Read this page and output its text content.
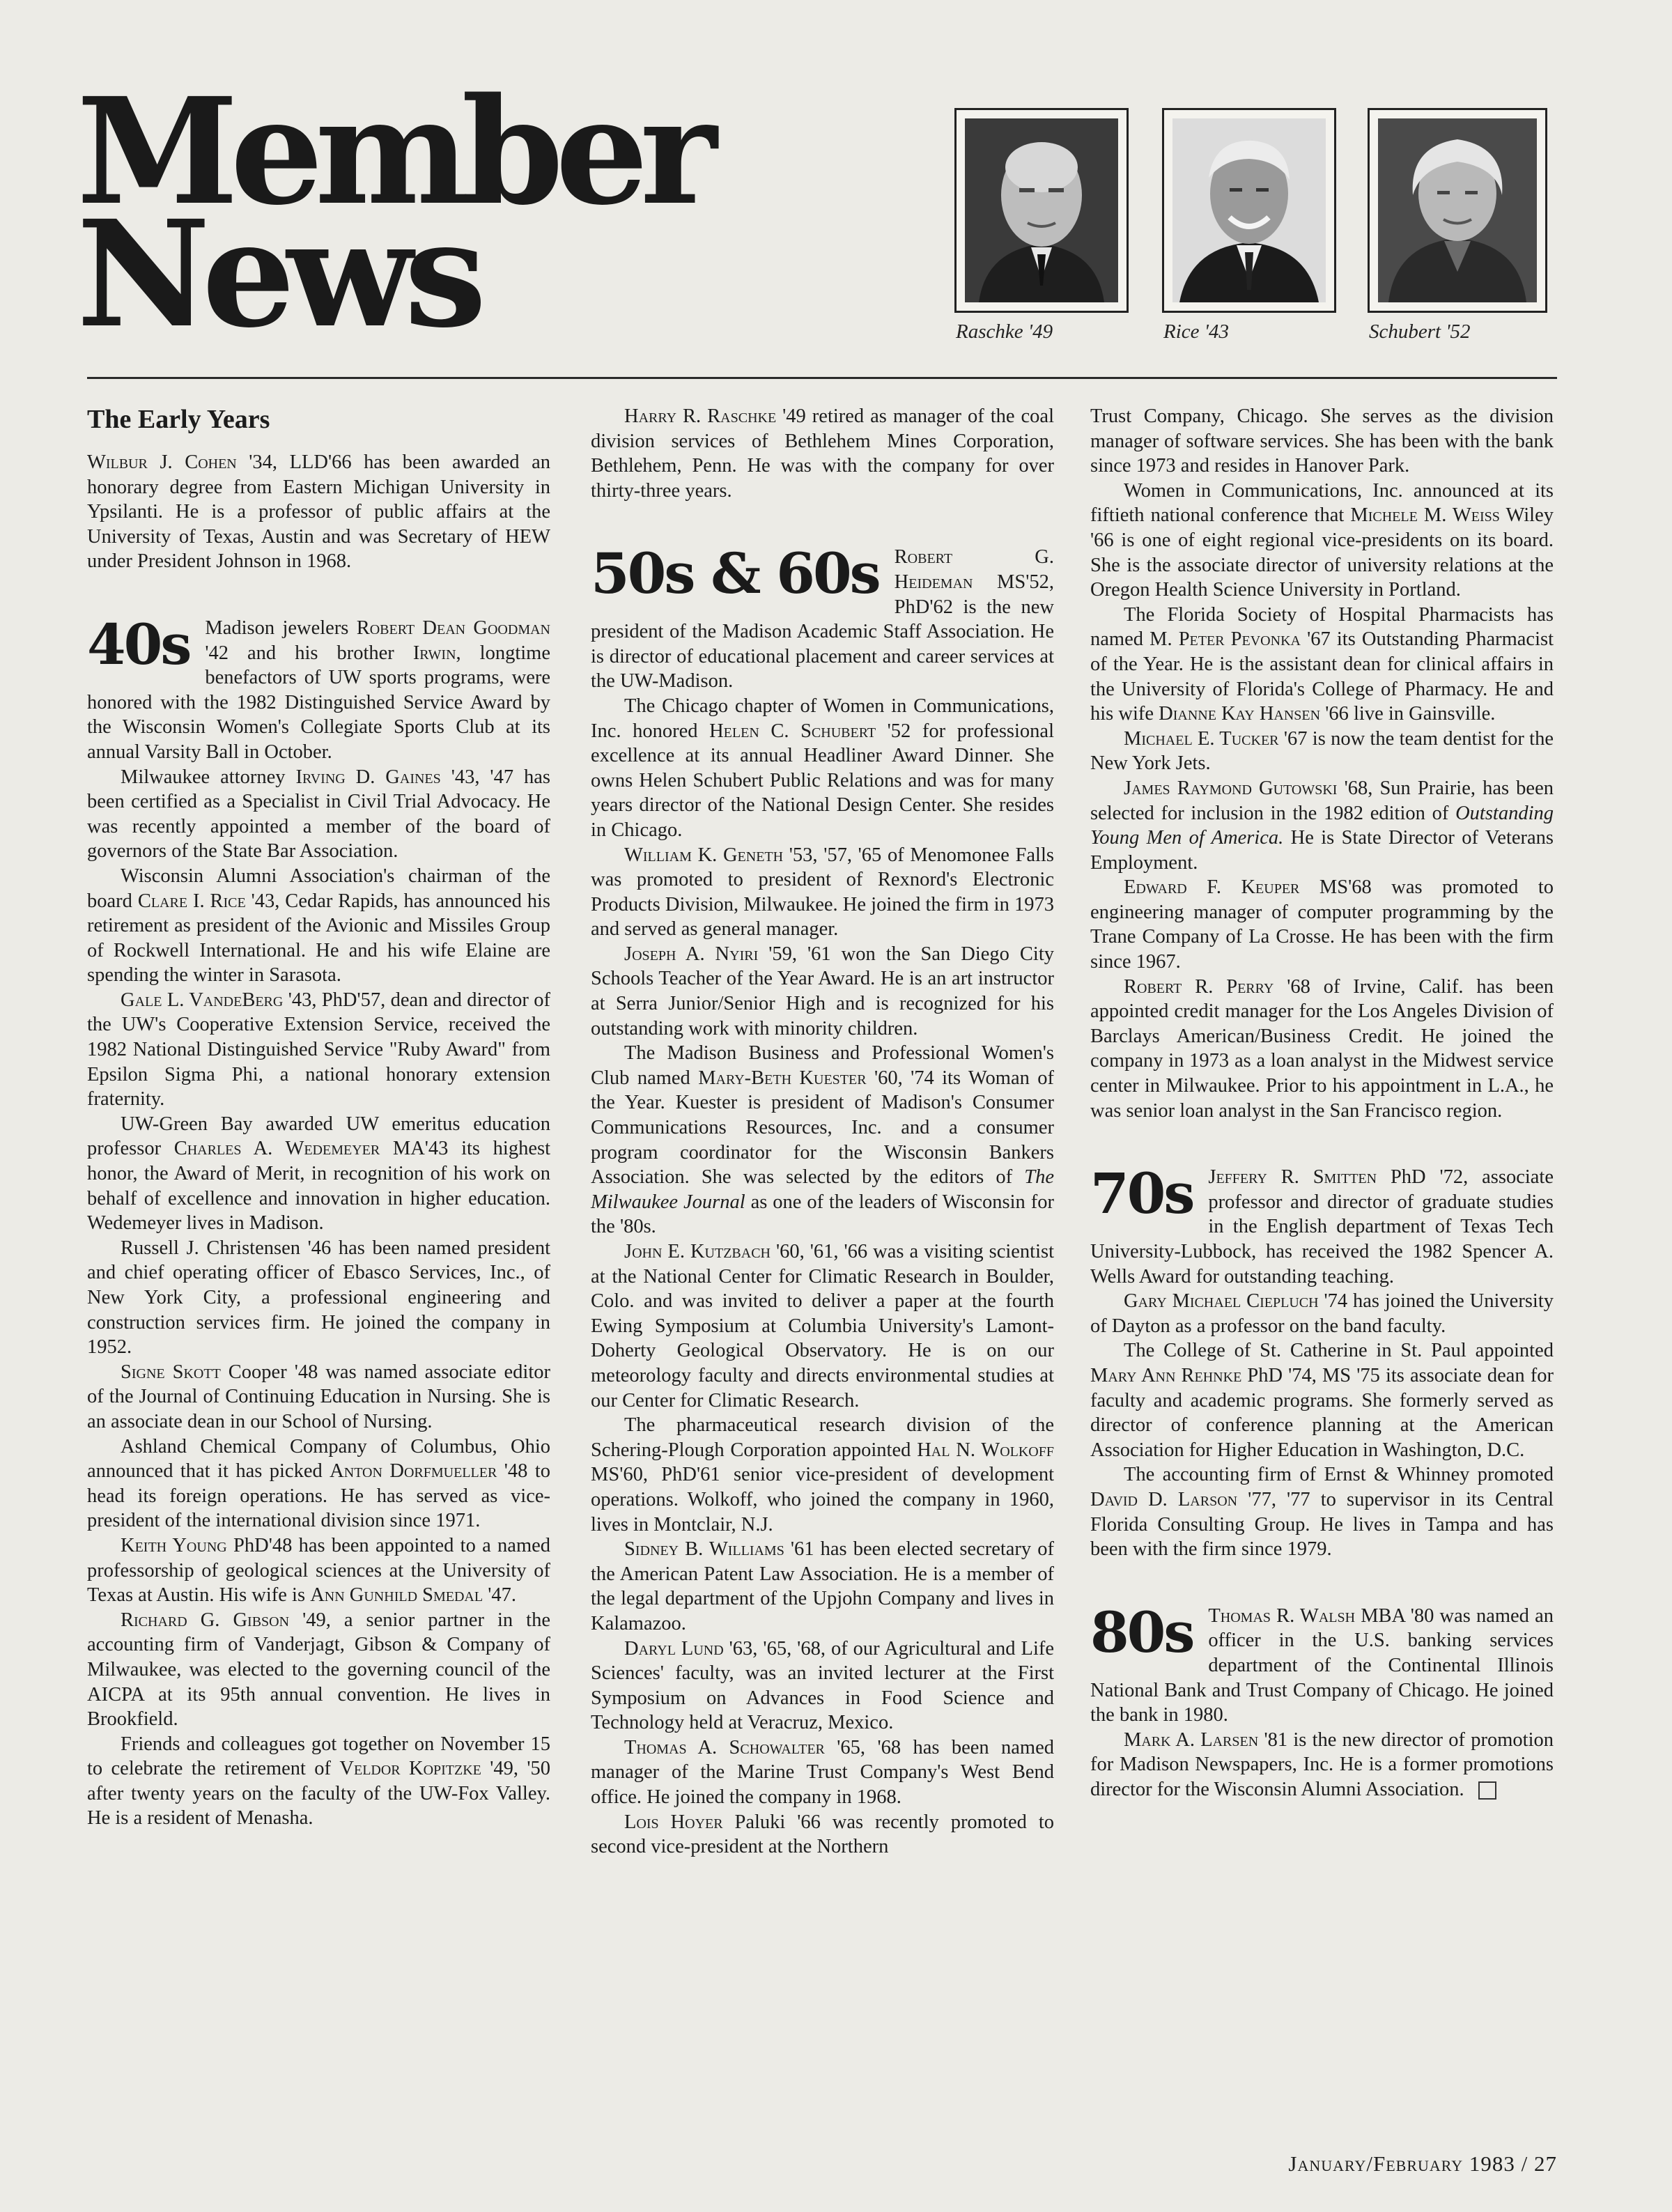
Member
News	Raschke '49	Rice '43	Schubert '52
The Early Years

Wilbur J. Cohen '34, LLD'66 has been awarded an honorary degree from Eastern Michigan University in Ypsilanti. He is a professor of public affairs at the University of Texas, Austin and was Secretary of HEW under President Johnson in 1968.

40s Madison jewelers Robert Dean Goodman '42 and his brother Irwin, longtime benefactors of UW sports programs, were honored with the 1982 Distinguished Service Award by the Wisconsin Women's Collegiate Sports Club at its annual Varsity Ball in October.

Milwaukee attorney Irving D. Gaines '43, '47 has been certified as a Specialist in Civil Trial Advocacy. He was recently appointed a member of the board of governors of the State Bar Association.

Wisconsin Alumni Association's chairman of the board Clare I. Rice '43, Cedar Rapids, has announced his retirement as president of the Avionic and Missiles Group of Rockwell International. He and his wife Elaine are spending the winter in Sarasota.

Gale L. VandeBerg '43, PhD'57, dean and director of the UW's Cooperative Extension Service, received the 1982 National Distinguished Service "Ruby Award" from Epsilon Sigma Phi, a national honorary extension fraternity.

UW-Green Bay awarded UW emeritus education professor Charles A. Wedemeyer MA'43 its highest honor, the Award of Merit, in recognition of his work on behalf of excellence and innovation in higher education. Wedemeyer lives in Madison.

Russell J. Christensen '46 has been named president and chief operating officer of Ebasco Services, Inc., of New York City, a professional engineering and construction services firm. He joined the company in 1952.

Signe Skott Cooper '48 was named associate editor of the Journal of Continuing Education in Nursing. She is an associate dean in our School of Nursing.

Ashland Chemical Company of Columbus, Ohio announced that it has picked Anton Dorfmueller '48 to head its foreign operations. He has served as vice-president of the international division since 1971.

Keith Young PhD'48 has been appointed to a named professorship of geological sciences at the University of Texas at Austin. His wife is Ann Gunhild Smedal '47.

Richard G. Gibson '49, a senior partner in the accounting firm of Vanderjagt, Gibson & Company of Milwaukee, was elected to the governing council of the AICPA at its 95th annual convention. He lives in Brookfield.

Friends and colleagues got together on November 15 to celebrate the retirement of Veldor Kopitzke '49, '50 after twenty years on the faculty of the UW-Fox Valley. He is a resident of Menasha.

Harry R. Raschke '49 retired as manager of the coal division services of Bethlehem Mines Corporation, Bethlehem, Penn. He was with the company for over thirty-three years.

50s & 60s Robert G. Heideman MS'52, PhD'62 is the new president of the Madison Academic Staff Association. He is director of educational placement and career services at the UW-Madison.

The Chicago chapter of Women in Communications, Inc. honored Helen C. Schubert '52 for professional excellence at its annual Headliner Award Dinner. She owns Helen Schubert Public Relations and was for many years director of the National Design Center. She resides in Chicago.

William K. Geneth '53, '57, '65 of Menomonee Falls was promoted to president of Rexnord's Electronic Products Division, Milwaukee. He joined the firm in 1973 and served as general manager.

Joseph A. Nyiri '59, '61 won the San Diego City Schools Teacher of the Year Award. He is an art instructor at Serra Junior/Senior High and is recognized for his outstanding work with minority children.

The Madison Business and Professional Women's Club named Mary-Beth Kuester '60, '74 its Woman of the Year. Kuester is president of Madison's Consumer Communications Resources, Inc. and a consumer program coordinator for the Wisconsin Bankers Association. She was selected by the editors of The Milwaukee Journal as one of the leaders of Wisconsin for the '80s.

John E. Kutzbach '60, '61, '66 was a visiting scientist at the National Center for Climatic Research in Boulder, Colo. and was invited to deliver a paper at the fourth Ewing Symposium at Columbia University's Lamont-Doherty Geological Observatory. He is on our meteorology faculty and directs environmental studies at our Center for Climatic Research.

The pharmaceutical research division of the Schering-Plough Corporation appointed Hal N. Wolkoff MS'60, PhD'61 senior vice-president of development operations. Wolkoff, who joined the company in 1960, lives in Montclair, N.J.

Sidney B. Williams '61 has been elected secretary of the American Patent Law Association. He is a member of the legal department of the Upjohn Company and lives in Kalamazoo.

Daryl Lund '63, '65, '68, of our Agricultural and Life Sciences' faculty, was an invited lecturer at the First Symposium on Advances in Food Science and Technology held at Veracruz, Mexico.

Thomas A. Schowalter '65, '68 has been named manager of the Marine Trust Company's West Bend office. He joined the company in 1968.

Lois Hoyer Paluki '66 was recently promoted to second vice-president at the Northern

Trust Company, Chicago. She serves as the division manager of software services. She has been with the bank since 1973 and resides in Hanover Park.

Women in Communications, Inc. announced at its fiftieth national conference that Michele M. Weiss Wiley '66 is one of eight regional vice-presidents on its board. She is the associate director of university relations at the Oregon Health Science University in Portland.

The Florida Society of Hospital Pharmacists has named M. Peter Pevonka '67 its Outstanding Pharmacist of the Year. He is the assistant dean for clinical affairs in the University of Florida's College of Pharmacy. He and his wife Dianne Kay Hansen '66 live in Gainsville.

Michael E. Tucker '67 is now the team dentist for the New York Jets.

James Raymond Gutowski '68, Sun Prairie, has been selected for inclusion in the 1982 edition of Outstanding Young Men of America. He is State Director of Veterans Employment.

Edward F. Keuper MS'68 was promoted to engineering manager of computer programming by the Trane Company of La Crosse. He has been with the firm since 1967.

Robert R. Perry '68 of Irvine, Calif. has been appointed credit manager for the Los Angeles Division of Barclays American/Business Credit. He joined the company in 1973 as a loan analyst in the Midwest service center in Milwaukee. Prior to his appointment in L.A., he was senior loan analyst in the San Francisco region.

70s Jeffery R. Smitten PhD '72, associate professor and director of graduate studies in the English department of Texas Tech University-Lubbock, has received the 1982 Spencer A. Wells Award for outstanding teaching.

Gary Michael Ciepluch '74 has joined the University of Dayton as a professor on the band faculty.

The College of St. Catherine in St. Paul appointed Mary Ann Rehnke PhD '74, MS '75 its associate dean for faculty and academic programs. She formerly served as director of conference planning at the American Association for Higher Education in Washington, D.C.

The accounting firm of Ernst & Whinney promoted David D. Larson '77, '77 to supervisor in its Central Florida Consulting Group. He lives in Tampa and has been with the firm since 1979.

80s Thomas R. Walsh MBA '80 was named an officer in the U.S. banking services department of the Continental Illinois National Bank and Trust Company of Chicago. He joined the bank in 1980.

Mark A. Larsen '81 is the new director of promotion for Madison Newspapers, Inc. He is a former promotions director for the Wisconsin Alumni Association.

January/February 1983 / 27
